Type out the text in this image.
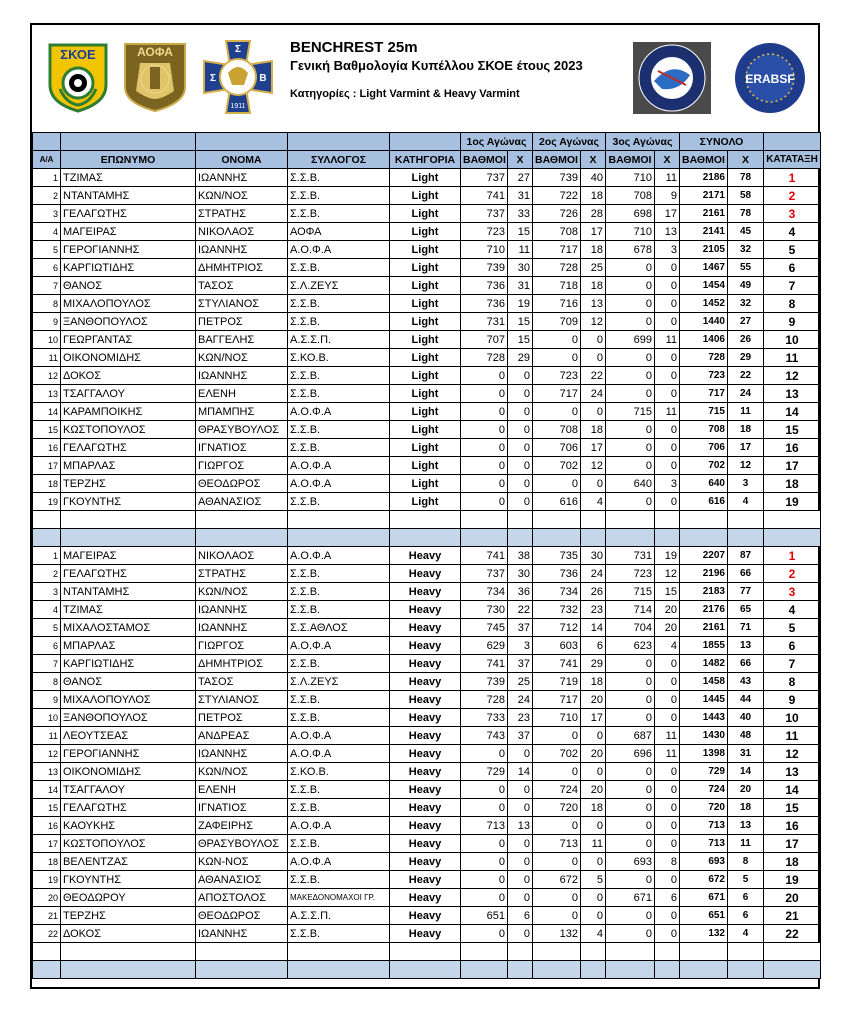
ΣΚΟΕ	ΑΟΦΑ	Σ
Σ	Β
1911
BENCHREST 25m
Γενική Βαθμολογία Κυπέλλου ΣΚΟΕ έτους 2023
Κατηγορίες : Light Varmint & Heavy Varmint
ERABSF
					1ος Αγώνας		2ος Αγώνας		3ος Αγώνας		ΣΥΝΟΛΟ		
Α/Α	ΕΠΩΝΥΜΟ	ΟΝΟΜΑ	ΣΥΛΛΟΓΟΣ	ΚΑΤΗΓΟΡΙΑ	ΒΑΘΜΟΙ	X	ΒΑΘΜΟΙ	X	ΒΑΘΜΟΙ	X	ΒΑΘΜΟΙ	X	ΚΑΤΑΤΑΞΗ
1	ΤΖΙΜΑΣ	ΙΩΑΝΝΗΣ	Σ.Σ.Β.	Light	737	27	739	40	710	11	2186	78	1
2	ΝΤΑΝΤΑΜΗΣ	ΚΩΝ/ΝΟΣ	Σ.Σ.Β.	Light	741	31	722	18	708	9	2171	58	2
3	ΓΕΛΑΓΩΤΗΣ	ΣΤΡΑΤΗΣ	Σ.Σ.Β.	Light	737	33	726	28	698	17	2161	78	3
4	ΜΑΓΕΙΡΑΣ	ΝΙΚΟΛΑΟΣ	ΑΟΦΑ	Light	723	15	708	17	710	13	2141	45	4
5	ΓΕΡΟΓΙΑΝΝΗΣ	ΙΩΑΝΝΗΣ	Α.Ο.Φ.Α	Light	710	11	717	18	678	3	2105	32	5
6	ΚΑΡΓΙΩΤΙΔΗΣ	ΔΗΜΗΤΡΙΟΣ	Σ.Σ.Β.	Light	739	30	728	25	0	0	1467	55	6
7	ΘΑΝΟΣ	ΤΑΣΟΣ	Σ.Λ.ΖΕΥΣ	Light	736	31	718	18	0	0	1454	49	7
8	ΜΙΧΑΛΟΠΟΥΛΟΣ	ΣΤΥΛΙΑΝΟΣ	Σ.Σ.Β.	Light	736	19	716	13	0	0	1452	32	8
9	ΞΑΝΘΟΠΟΥΛΟΣ	ΠΕΤΡΟΣ	Σ.Σ.Β.	Light	731	15	709	12	0	0	1440	27	9
10	ΓΕΩΡΓΑΝΤΑΣ	ΒΑΓΓΕΛΗΣ	Α.Σ.Σ.Π.	Light	707	15	0	0	699	11	1406	26	10
11	ΟΙΚΟΝΟΜΙΔΗΣ	ΚΩΝ/ΝΟΣ	Σ.ΚΟ.Β.	Light	728	29	0	0	0	0	728	29	11
12	ΔΟΚΟΣ	ΙΩΑΝΝΗΣ	Σ.Σ.Β.	Light	0	0	723	22	0	0	723	22	12
13	ΤΣΑΓΓΑΛΟΥ	ΕΛΕΝΗ	Σ.Σ.Β.	Light	0	0	717	24	0	0	717	24	13
14	ΚΑΡΑΜΠΟΙΚΗΣ	ΜΠΑΜΠΗΣ	Α.Ο.Φ.Α	Light	0	0	0	0	715	11	715	11	14
15	ΚΩΣΤΟΠΟΥΛΟΣ	ΘΡΑΣΥΒΟΥΛΟΣ	Σ.Σ.Β.	Light	0	0	708	18	0	0	708	18	15
16	ΓΕΛΑΓΩΤΗΣ	ΙΓΝΑΤΙΟΣ	Σ.Σ.Β.	Light	0	0	706	17	0	0	706	17	16
17	ΜΠΑΡΛΑΣ	ΓΙΩΡΓΟΣ	Α.Ο.Φ.Α	Light	0	0	702	12	0	0	702	12	17
18	ΤΕΡΖΗΣ	ΘΕΟΔΩΡΟΣ	Α.Ο.Φ.Α	Light	0	0	0	0	640	3	640	3	18
19	ΓΚΟΥΝΤΗΣ	ΑΘΑΝΑΣΙΟΣ	Σ.Σ.Β.	Light	0	0	616	4	0	0	616	4	19

1	ΜΑΓΕΙΡΑΣ	ΝΙΚΟΛΑΟΣ	Α.Ο.Φ.Α	Heavy	741	38	735	30	731	19	2207	87	1
2	ΓΕΛΑΓΩΤΗΣ	ΣΤΡΑΤΗΣ	Σ.Σ.Β.	Heavy	737	30	736	24	723	12	2196	66	2
3	ΝΤΑΝΤΑΜΗΣ	ΚΩΝ/ΝΟΣ	Σ.Σ.Β.	Heavy	734	36	734	26	715	15	2183	77	3
4	ΤΖΙΜΑΣ	ΙΩΑΝΝΗΣ	Σ.Σ.Β.	Heavy	730	22	732	23	714	20	2176	65	4
5	ΜΙΧΑΛΟΣΤΑΜΟΣ	ΙΩΑΝΝΗΣ	Σ.Σ.ΑΘΛΟΣ	Heavy	745	37	712	14	704	20	2161	71	5
6	ΜΠΑΡΛΑΣ	ΓΙΩΡΓΟΣ	Α.Ο.Φ.Α	Heavy	629	3	603	6	623	4	1855	13	6
7	ΚΑΡΓΙΩΤΙΔΗΣ	ΔΗΜΗΤΡΙΟΣ	Σ.Σ.Β.	Heavy	741	37	741	29	0	0	1482	66	7
8	ΘΑΝΟΣ	ΤΑΣΟΣ	Σ.Λ.ΖΕΥΣ	Heavy	739	25	719	18	0	0	1458	43	8
9	ΜΙΧΑΛΟΠΟΥΛΟΣ	ΣΤΥΛΙΑΝΟΣ	Σ.Σ.Β.	Heavy	728	24	717	20	0	0	1445	44	9
10	ΞΑΝΘΟΠΟΥΛΟΣ	ΠΕΤΡΟΣ	Σ.Σ.Β.	Heavy	733	23	710	17	0	0	1443	40	10
11	ΛΕΟΥΤΣΕΑΣ	ΑΝΔΡΕΑΣ	Α.Ο.Φ.Α	Heavy	743	37	0	0	687	11	1430	48	11
12	ΓΕΡΟΓΙΑΝΝΗΣ	ΙΩΑΝΝΗΣ	Α.Ο.Φ.Α	Heavy	0	0	702	20	696	11	1398	31	12
13	ΟΙΚΟΝΟΜΙΔΗΣ	ΚΩΝ/ΝΟΣ	Σ.ΚΟ.Β.	Heavy	729	14	0	0	0	0	729	14	13
14	ΤΣΑΓΓΑΛΟΥ	ΕΛΕΝΗ	Σ.Σ.Β.	Heavy	0	0	724	20	0	0	724	20	14
15	ΓΕΛΑΓΩΤΗΣ	ΙΓΝΑΤΙΟΣ	Σ.Σ.Β.	Heavy	0	0	720	18	0	0	720	18	15
16	ΚΑΟΥΚΗΣ	ΖΑΦΕΙΡΗΣ	Α.Ο.Φ.Α	Heavy	713	13	0	0	0	0	713	13	16
17	ΚΩΣΤΟΠΟΥΛΟΣ	ΘΡΑΣΥΒΟΥΛΟΣ	Σ.Σ.Β.	Heavy	0	0	713	11	0	0	713	11	17
18	ΒΕΛΕΝΤΖΑΣ	ΚΩΝ-ΝΟΣ	Α.Ο.Φ.Α	Heavy	0	0	0	0	693	8	693	8	18
19	ΓΚΟΥΝΤΗΣ	ΑΘΑΝΑΣΙΟΣ	Σ.Σ.Β.	Heavy	0	0	672	5	0	0	672	5	19
20	ΘΕΟΔΩΡΟΥ	ΑΠΟΣΤΟΛΟΣ	ΜΑΚΕΔΟΝΟΜΑΧΟΙ ΓΡ.	Heavy	0	0	0	0	671	6	671	6	20
21	ΤΕΡΖΗΣ	ΘΕΟΔΩΡΟΣ	Α.Σ.Σ.Π.	Heavy	651	6	0	0	0	0	651	6	21
22	ΔΟΚΟΣ	ΙΩΑΝΝΗΣ	Σ.Σ.Β.	Heavy	0	0	132	4	0	0	132	4	22
